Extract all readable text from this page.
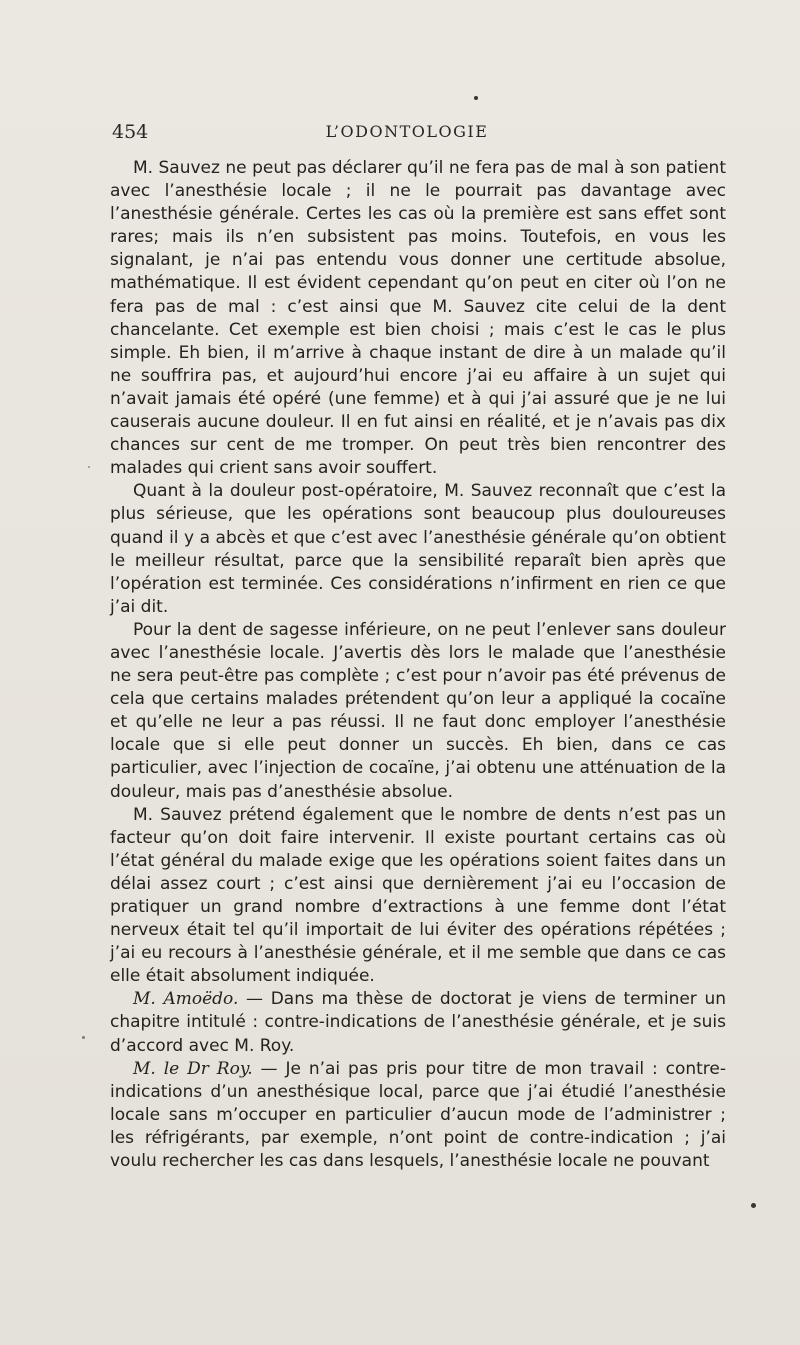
454	L’ODONTOLOGIE

M. Sauvez ne peut pas déclarer qu’il ne fera pas de mal à son patient avec l’anesthésie locale ; il ne le pourrait pas davantage avec l’anesthésie générale. Certes les cas où la première est sans effet sont rares; mais ils n’en subsistent pas moins. Toutefois, en vous les signalant, je n’ai pas entendu vous donner une certitude absolue, mathématique. Il est évident cependant qu’on peut en citer où l’on ne fera pas de mal : c’est ainsi que M. Sauvez cite celui de la dent chancelante. Cet exemple est bien choisi ; mais c’est le cas le plus simple. Eh bien, il m’arrive à chaque instant de dire à un malade qu’il ne souffrira pas, et aujourd’hui encore j’ai eu affaire à un sujet qui n’avait jamais été opéré (une femme) et à qui j’ai assuré que je ne lui causerais aucune douleur. Il en fut ainsi en réalité, et je n’avais pas dix chances sur cent de me tromper. On peut très bien rencontrer des malades qui crient sans avoir souffert.

Quant à la douleur post-opératoire, M. Sauvez reconnaît que c’est la plus sérieuse, que les opérations sont beaucoup plus douloureuses quand il y a abcès et que c’est avec l’anesthésie générale qu’on obtient le meilleur résultat, parce que la sensibilité reparaît bien après que l’opération est terminée. Ces considérations n’infirment en rien ce que j’ai dit.

Pour la dent de sagesse inférieure, on ne peut l’enlever sans douleur avec l’anesthésie locale. J’avertis dès lors le malade que l’anesthésie ne sera peut-être pas complète ; c’est pour n’avoir pas été prévenus de cela que certains malades prétendent qu’on leur a appliqué la cocaïne et qu’elle ne leur a pas réussi. Il ne faut donc employer l’anesthésie locale que si elle peut donner un succès. Eh bien, dans ce cas particulier, avec l’injection de cocaïne, j’ai obtenu une atténuation de la douleur, mais pas d’anesthésie absolue.

M. Sauvez prétend également que le nombre de dents n’est pas un facteur qu’on doit faire intervenir. Il existe pourtant certains cas où l’état général du malade exige que les opérations soient faites dans un délai assez court ; c’est ainsi que dernièrement j’ai eu l’occasion de pratiquer un grand nombre d’extractions à une femme dont l’état nerveux était tel qu’il importait de lui éviter des opérations répétées ; j’ai eu recours à l’anesthésie générale, et il me semble que dans ce cas elle était absolument indiquée.

M. Amoëdo. — Dans ma thèse de doctorat je viens de terminer un chapitre intitulé : contre-indications de l’anesthésie générale, et je suis d’accord avec M. Roy.

M. le Dr Roy. — Je n’ai pas pris pour titre de mon travail : contre-indications d’un anesthésique local, parce que j’ai étudié l’anesthésie locale sans m’occuper en particulier d’aucun mode de l’administrer ; les réfrigérants, par exemple, n’ont point de contre-indication ; j’ai voulu rechercher les cas dans lesquels, l’anesthésie locale ne pouvant
